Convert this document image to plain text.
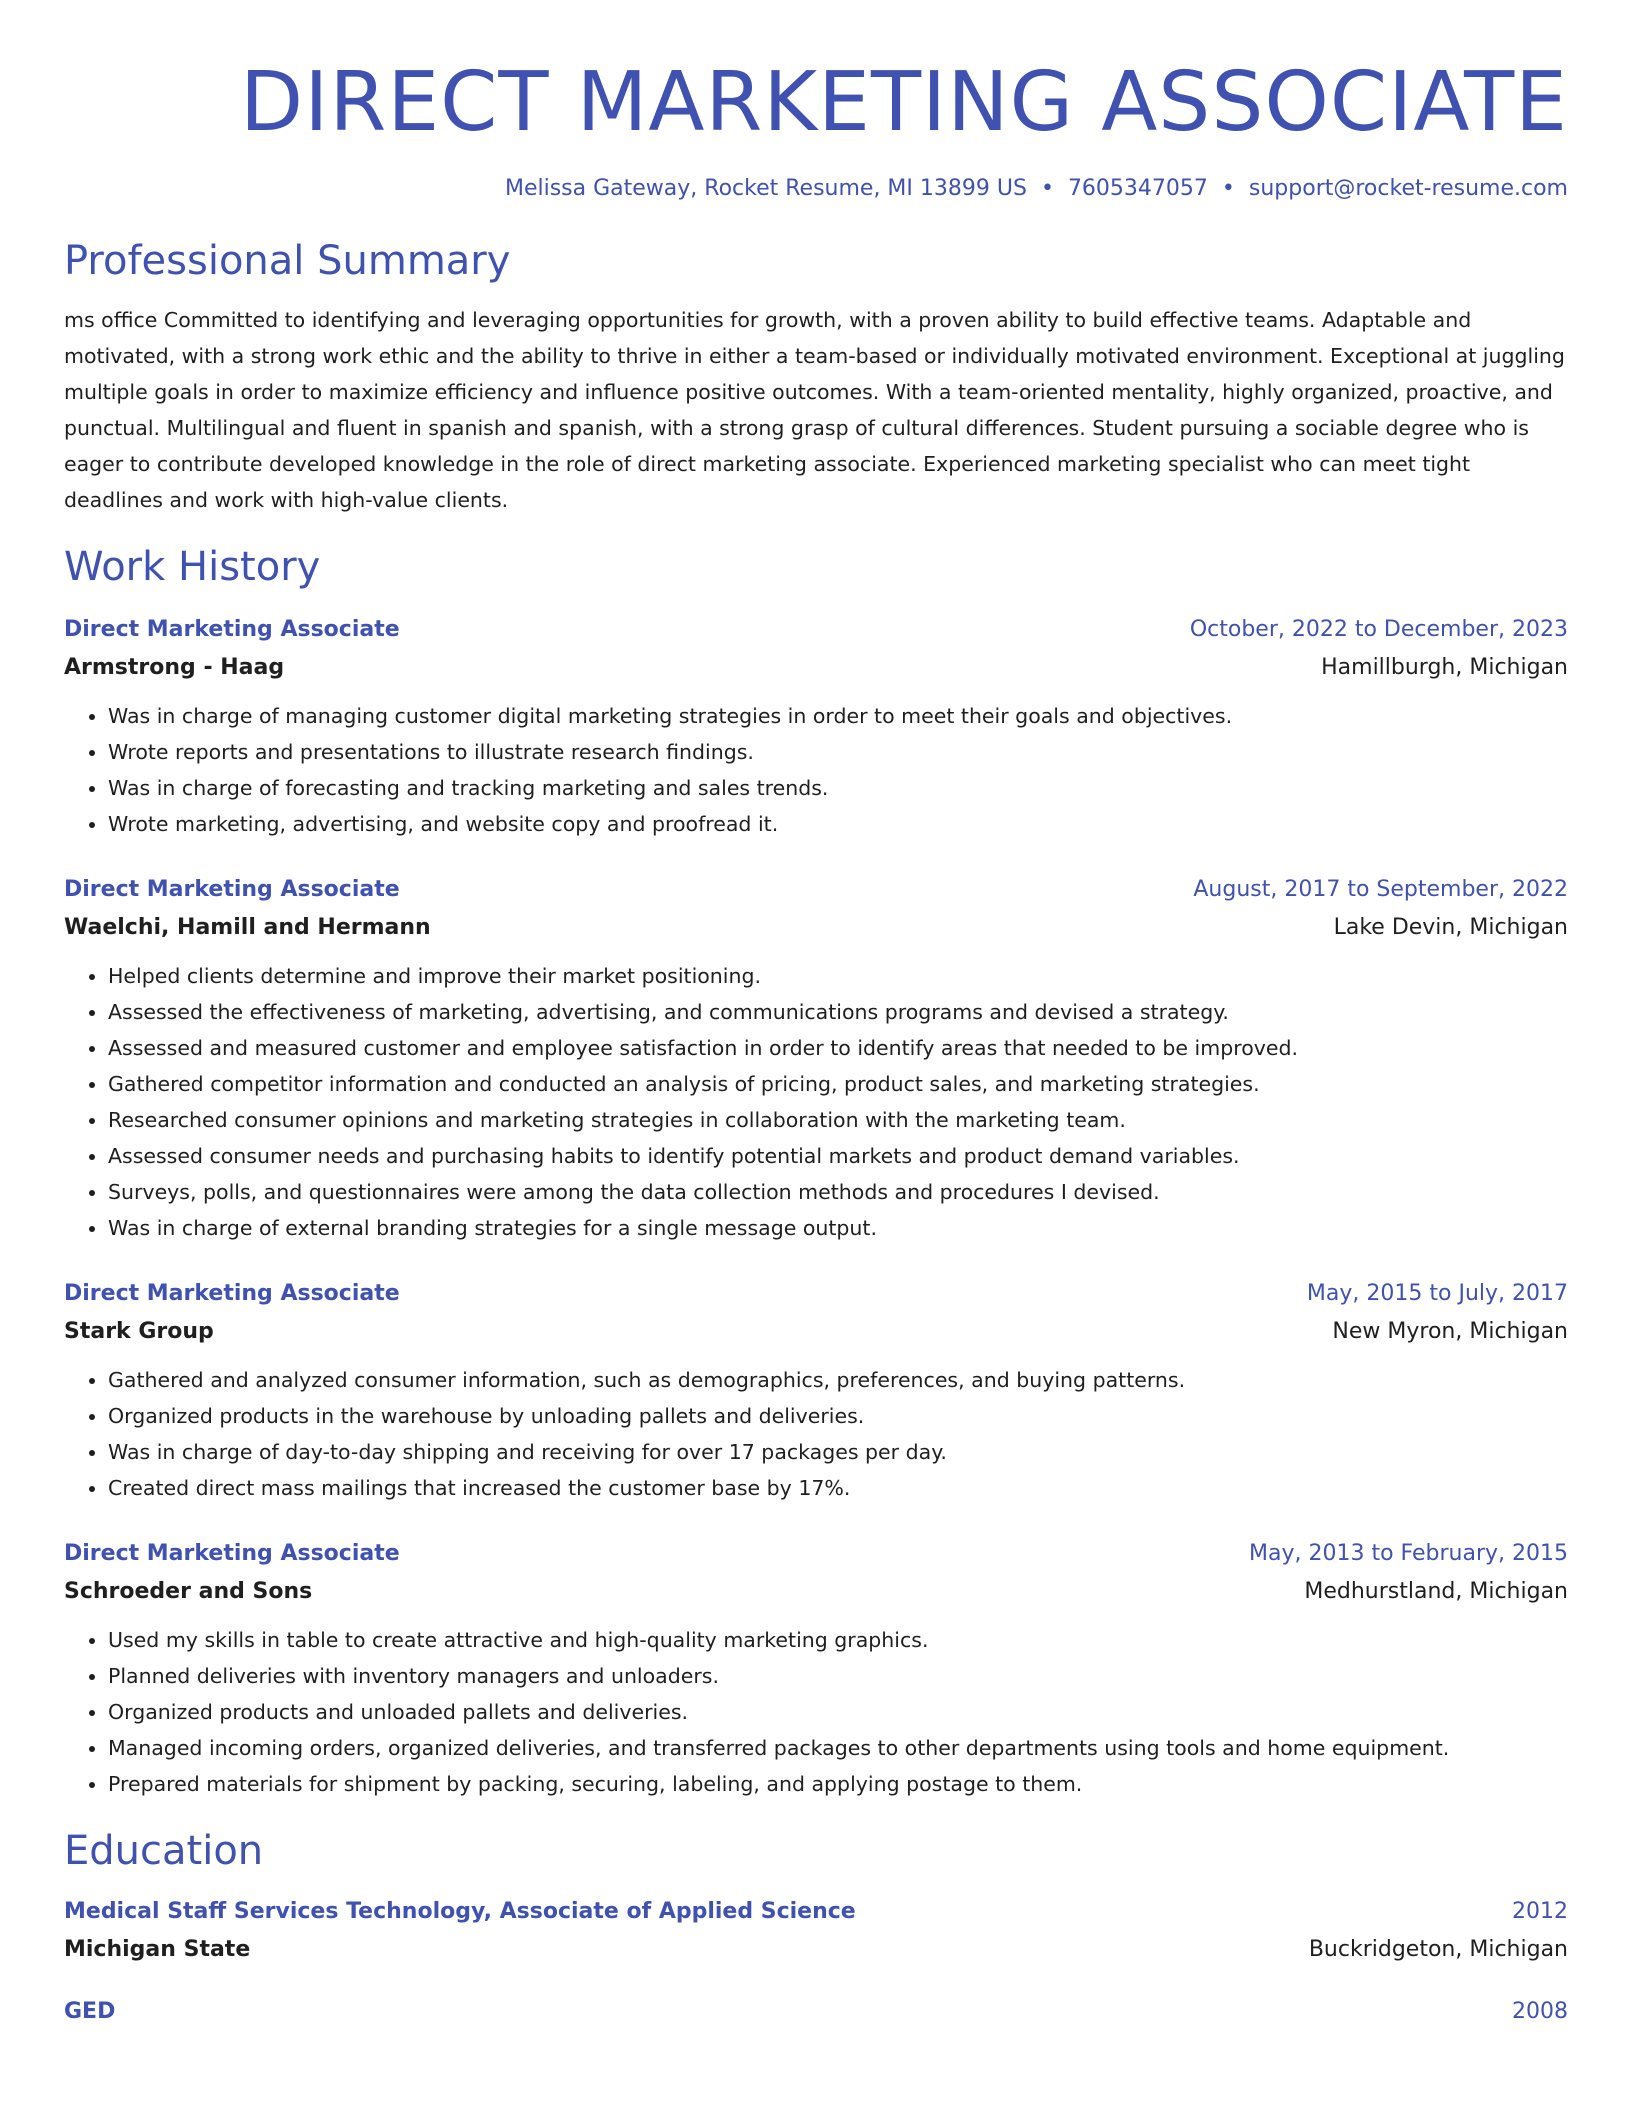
DIRECT MARKETING ASSOCIATE
Melissa Gateway, Rocket Resume, MI 13899 US • 7605347057 • support@rocket-resume.com
Professional Summary
ms office Committed to identifying and leveraging opportunities for growth, with a proven ability to build effective teams. Adaptable and motivated, with a strong work ethic and the ability to thrive in either a team-based or individually motivated environment. Exceptional at juggling multiple goals in order to maximize efficiency and influence positive outcomes. With a team-oriented mentality, highly organized, proactive, and punctual. Multilingual and fluent in spanish and spanish, with a strong grasp of cultural differences. Student pursuing a sociable degree who is eager to contribute developed knowledge in the role of direct marketing associate. Experienced marketing specialist who can meet tight deadlines and work with high-value clients.
Work History
Direct Marketing Associate	October, 2022 to December, 2023
Armstrong - Haag	Hamillburgh, Michigan
• Was in charge of managing customer digital marketing strategies in order to meet their goals and objectives.
• Wrote reports and presentations to illustrate research findings.
• Was in charge of forecasting and tracking marketing and sales trends.
• Wrote marketing, advertising, and website copy and proofread it.
Direct Marketing Associate	August, 2017 to September, 2022
Waelchi, Hamill and Hermann	Lake Devin, Michigan
• Helped clients determine and improve their market positioning.
• Assessed the effectiveness of marketing, advertising, and communications programs and devised a strategy.
• Assessed and measured customer and employee satisfaction in order to identify areas that needed to be improved.
• Gathered competitor information and conducted an analysis of pricing, product sales, and marketing strategies.
• Researched consumer opinions and marketing strategies in collaboration with the marketing team.
• Assessed consumer needs and purchasing habits to identify potential markets and product demand variables.
• Surveys, polls, and questionnaires were among the data collection methods and procedures I devised.
• Was in charge of external branding strategies for a single message output.
Direct Marketing Associate	May, 2015 to July, 2017
Stark Group	New Myron, Michigan
• Gathered and analyzed consumer information, such as demographics, preferences, and buying patterns.
• Organized products in the warehouse by unloading pallets and deliveries.
• Was in charge of day-to-day shipping and receiving for over 17 packages per day.
• Created direct mass mailings that increased the customer base by 17%.
Direct Marketing Associate	May, 2013 to February, 2015
Schroeder and Sons	Medhurstland, Michigan
• Used my skills in table to create attractive and high-quality marketing graphics.
• Planned deliveries with inventory managers and unloaders.
• Organized products and unloaded pallets and deliveries.
• Managed incoming orders, organized deliveries, and transferred packages to other departments using tools and home equipment.
• Prepared materials for shipment by packing, securing, labeling, and applying postage to them.
Education
Medical Staff Services Technology, Associate of Applied Science	2012
Michigan State	Buckridgeton, Michigan
GED	2008
